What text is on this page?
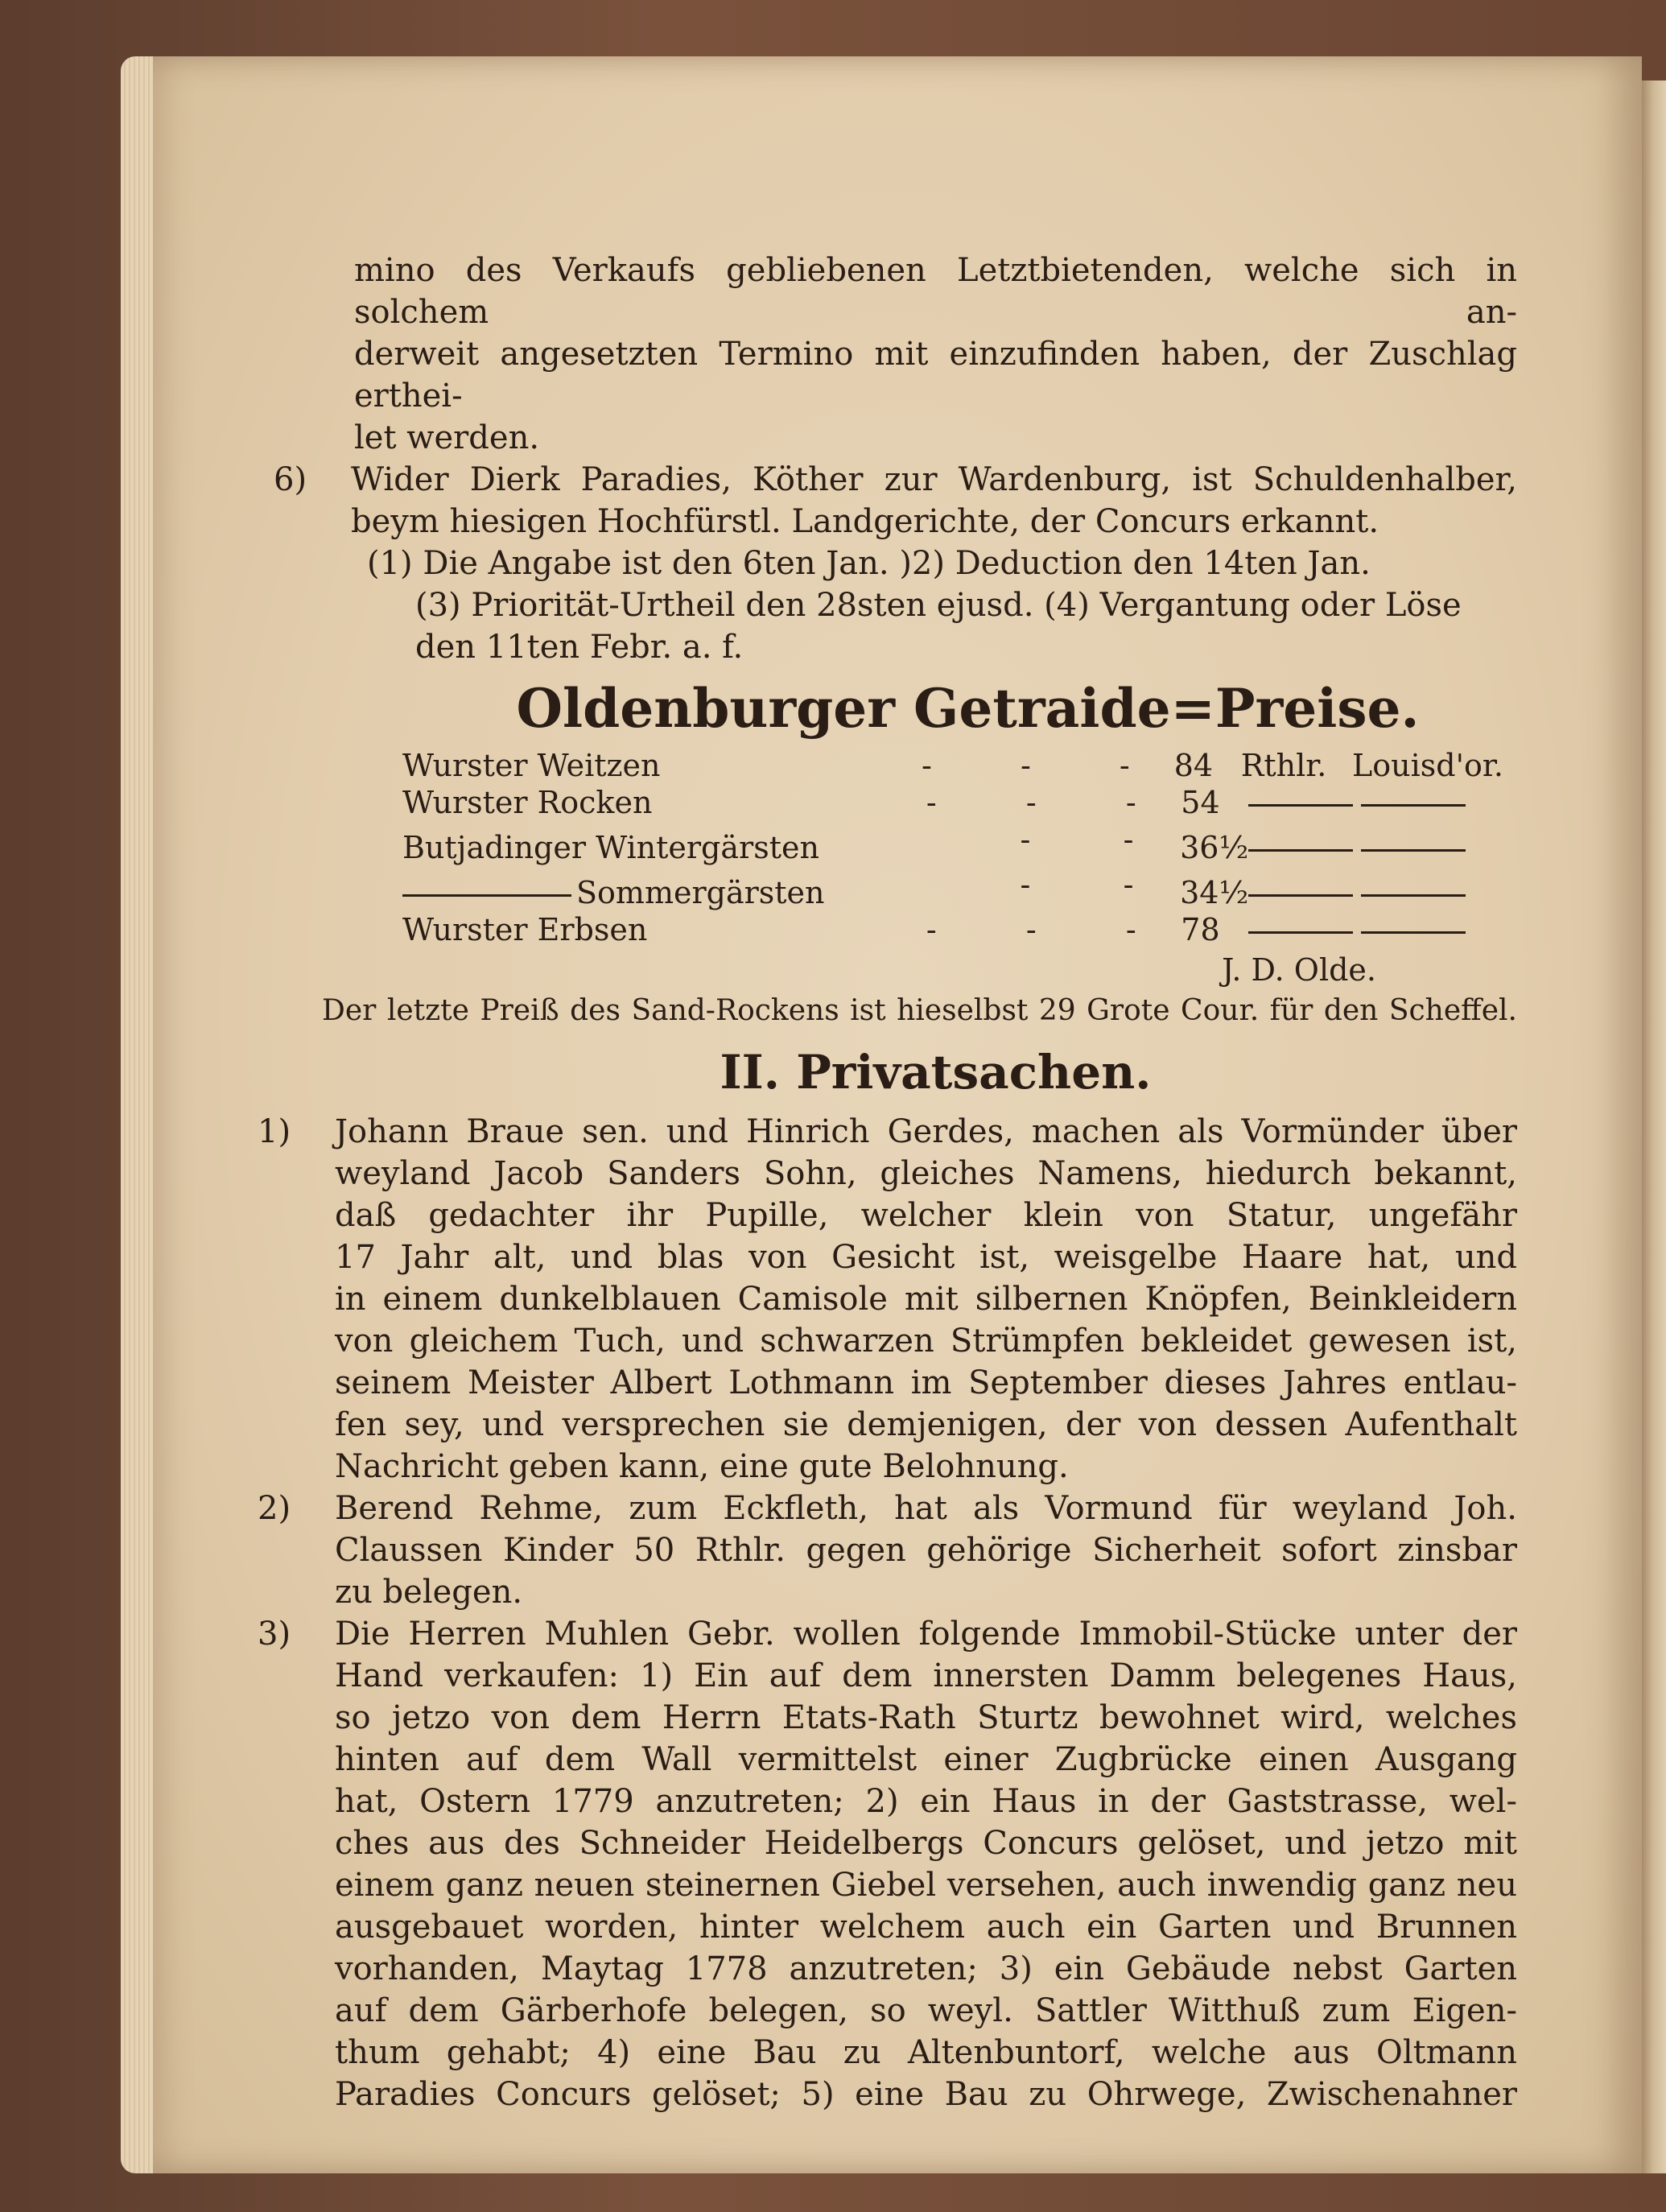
mino des Verkaufs gebliebenen Letztbietenden, welche sich in solchem an-
derweit angesetzten Termino mit einzufinden haben, der Zuschlag erthei-
let werden.
6) Wider Dierk Paradies, Köther zur Wardenburg, ist Schuldenhalber,
beym hiesigen Hochfürstl. Landgerichte, der Concurs erkannt.
(1) Die Angabe ist den 6ten Jan. )2) Deduction den 14ten Jan.
(3) Priorität-Urtheil den 28sten ejusd. (4) Vergantung oder Löse
den 11ten Febr. a. f.
Oldenburger Getraide=Preise.
Wurster Weitzen	-	-	- 84 Rthlr. Louisd'or.
Wurster Rocken	-	-	- 54
Butjadinger Wintergärsten	-	- 36½
Sommergärsten	-	- 34½
Wurster Erbsen	-	-	- 78
J. D. Olde.
Der letzte Preiß des Sand-Rockens ist hieselbst 29 Grote Cour. für den Scheffel.
II. Privatsachen.
1) Johann Braue sen. und Hinrich Gerdes, machen als Vormünder über
weyland Jacob Sanders Sohn, gleiches Namens, hiedurch bekannt,
daß gedachter ihr Pupille, welcher klein von Statur, ungefähr
17 Jahr alt, und blas von Gesicht ist, weisgelbe Haare hat, und
in einem dunkelblauen Camisole mit silbernen Knöpfen, Beinkleidern
von gleichem Tuch, und schwarzen Strümpfen bekleidet gewesen ist,
seinem Meister Albert Lothmann im September dieses Jahres entlau-
fen sey, und versprechen sie demjenigen, der von dessen Aufenthalt
Nachricht geben kann, eine gute Belohnung.
2) Berend Rehme, zum Eckfleth, hat als Vormund für weyland Joh.
Claussen Kinder 50 Rthlr. gegen gehörige Sicherheit sofort zinsbar
zu belegen.
3) Die Herren Muhlen Gebr. wollen folgende Immobil-Stücke unter der
Hand verkaufen: 1) Ein auf dem innersten Damm belegenes Haus,
so jetzo von dem Herrn Etats-Rath Sturtz bewohnet wird, welches
hinten auf dem Wall vermittelst einer Zugbrücke einen Ausgang
hat, Ostern 1779 anzutreten; 2) ein Haus in der Gaststrasse, wel-
ches aus des Schneider Heidelbergs Concurs gelöset, und jetzo mit
einem ganz neuen steinernen Giebel versehen, auch inwendig ganz neu
ausgebauet worden, hinter welchem auch ein Garten und Brunnen
vorhanden, Maytag 1778 anzutreten; 3) ein Gebäude nebst Garten
auf dem Gärberhofe belegen, so weyl. Sattler Witthuß zum Eigen-
thum gehabt; 4) eine Bau zu Altenbuntorf, welche aus Oltmann
Paradies Concurs gelöset; 5) eine Bau zu Ohrwege, Zwischenahner
